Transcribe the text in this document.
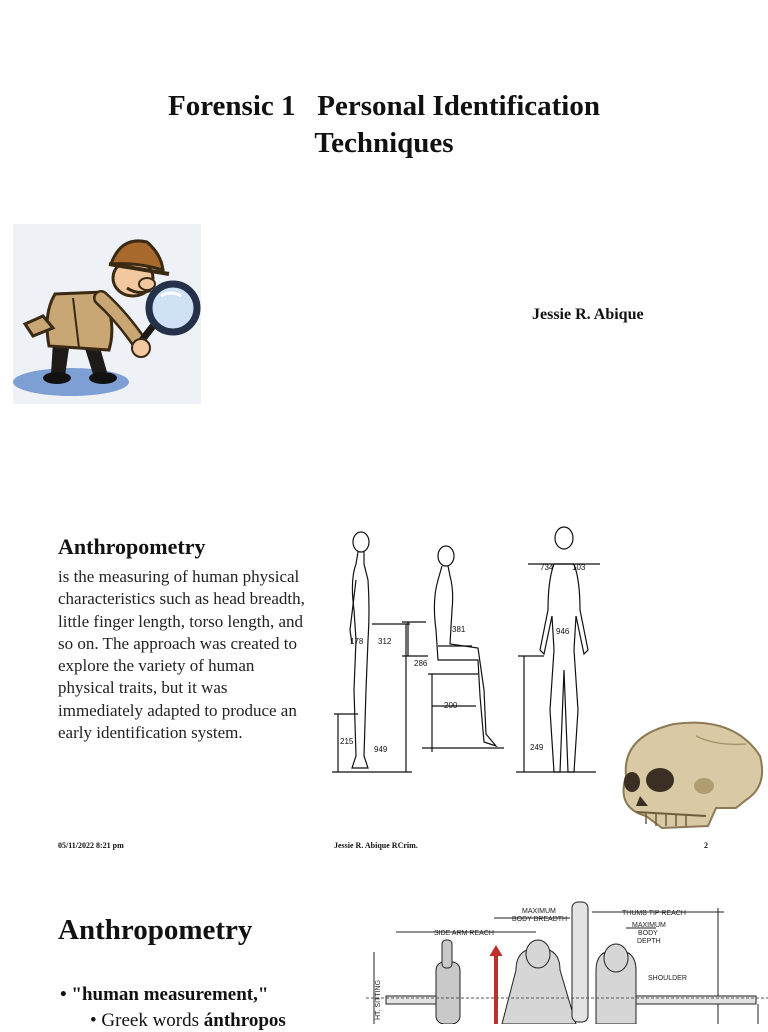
Forensic 1   Personal Identification
Techniques
Jessie R. Abique
Anthropometry

is the measuring of human physical characteristics such as head breadth, little finger length, torso length, and so on. The approach was created to explore the variety of human physical traits, but it was immediately adapted to produce an early identification system.

312
381
286
200
215
949	249
734 103
946
178
05/11/2022 8:21 pm	Jessie R. Abique RCrim.	2
Anthropometry
• "human measurement,"
• Greek words ánthropos
SIDE ARM REACH
MAXIMUM
BODY BREADTH
THUMB TIP REACH
MAXIMUM
BODY
DEPTH
SHOULDER
HT. SITTING
